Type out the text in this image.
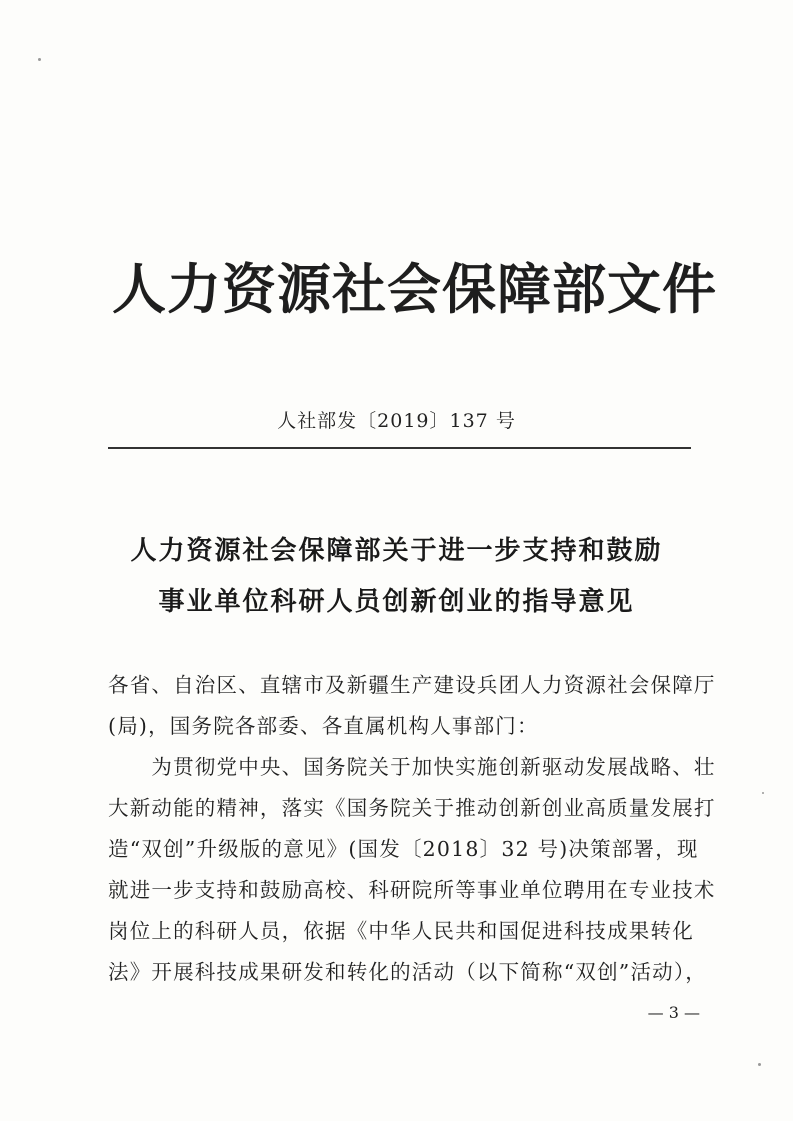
人力资源社会保障部文件
人社部发〔2019〕137 号
人力资源社会保障部关于进一步支持和鼓励
事业单位科研人员创新创业的指导意见
各省、自治区、直辖市及新疆生产建设兵团人力资源社会保障厅
(局)，国务院各部委、各直属机构人事部门：
　　为贯彻党中央、国务院关于加快实施创新驱动发展战略、壮
大新动能的精神，落实《国务院关于推动创新创业高质量发展打
造“双创”升级版的意见》(国发〔2018〕32 号)决策部署，现
就进一步支持和鼓励高校、科研院所等事业单位聘用在专业技术
岗位上的科研人员，依据《中华人民共和国促进科技成果转化
法》开展科技成果研发和转化的活动（以下简称“双创”活动），
— 3 —
